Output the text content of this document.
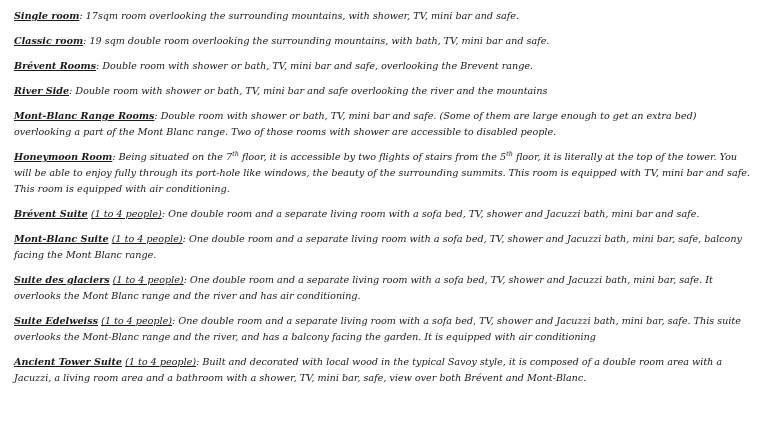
Single room: 17sqm room overlooking the surrounding mountains, with shower, TV, mini bar and safe.

Classic room: 19 sqm double room overlooking the surrounding mountains, with bath, TV, mini bar and safe.

Brévent Rooms: Double room with shower or bath, TV, mini bar and safe, overlooking the Brevent range.

River Side: Double room with shower or bath, TV, mini bar and safe overlooking the river and the mountains

Mont-Blanc Range Rooms: Double room with shower or bath, TV, mini bar and safe. (Some of them are large enough to get an extra bed) overlooking a part of the Mont Blanc range. Two of those rooms with shower are accessible to disabled people.

Honeymoon Room: Being situated on the 7th floor, it is accessible by two flights of stairs from the 5th floor, it is literally at the top of the tower. You will be able to enjoy fully through its port-hole like windows, the beauty of the surrounding summits. This room is equipped with TV, mini bar and safe. This room is equipped with air conditioning.

Brévent Suite (1 to 4 people): One double room and a separate living room with a sofa bed, TV, shower and Jacuzzi bath, mini bar and safe.

Mont-Blanc Suite (1 to 4 people): One double room and a separate living room with a sofa bed, TV, shower and Jacuzzi bath, mini bar, safe, balcony facing the Mont Blanc range.

Suite des glaciers (1 to 4 people): One double room and a separate living room with a sofa bed, TV, shower and Jacuzzi bath, mini bar, safe. It overlooks the Mont Blanc range and the river and has air conditioning.

Suite Edelweiss (1 to 4 people): One double room and a separate living room with a sofa bed, TV, shower and Jacuzzi bath, mini bar, safe. This suite overlooks the Mont-Blanc range and the river, and has a balcony facing the garden. It is equipped with air conditioning

Ancient Tower Suite (1 to 4 people): Built and decorated with local wood in the typical Savoy style, it is composed of a double room area with a Jacuzzi, a living room area and a bathroom with a shower, TV, mini bar, safe, view over both Brévent and Mont-Blanc.
